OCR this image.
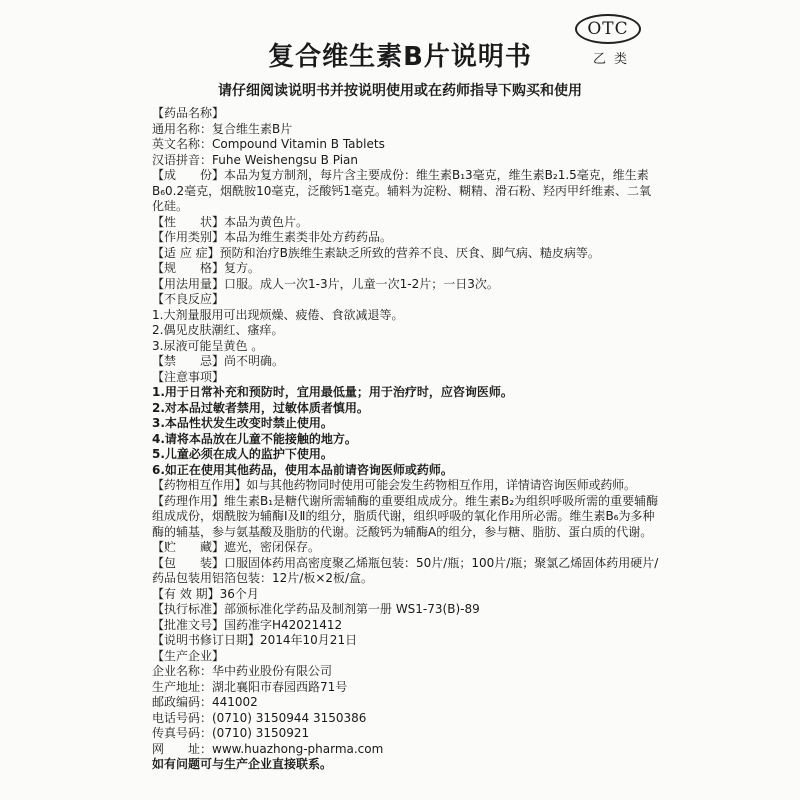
OTC
乙类
复合维生素B片说明书
请仔细阅读说明书并按说明使用或在药师指导下购买和使用

【药品名称】

通用名称：复合维生素B片

英文名称：Compound Vitamin B Tablets

汉语拼音：Fuhe Weishengsu B Pian

【成　　份】本品为复方制剂，每片含主要成份：维生素B₁3毫克，维生素B₂1.5毫克，维生素B₆0.2毫克，烟酰胺10毫克，泛酸钙1毫克。辅料为淀粉、糊精、滑石粉、羟丙甲纤维素、二氧化硅。

【性　　状】本品为黄色片。

【作用类别】本品为维生素类非处方药药品。

【适 应 症】预防和治疗B族维生素缺乏所致的营养不良、厌食、脚气病、糙皮病等。

【规　　格】复方。

【用法用量】口服。成人一次1-3片，儿童一次1-2片；一日3次。

【不良反应】

1.大剂量服用可出现烦燥、疲倦、食欲减退等。

2.偶见皮肤潮红、瘙痒。

3.尿液可能呈黄色 。

【禁　　忌】尚不明确。

【注意事项】

1.用于日常补充和预防时，宜用最低量；用于治疗时，应咨询医师。

2.对本品过敏者禁用，过敏体质者慎用。

3.本品性状发生改变时禁止使用。

4.请将本品放在儿童不能接触的地方。

5.儿童必须在成人的监护下使用。

6.如正在使用其他药品，使用本品前请咨询医师或药师。

【药物相互作用】如与其他药物同时使用可能会发生药物相互作用，详情请咨询医师或药师。

【药理作用】维生素B₁是糖代谢所需辅酶的重要组成成分。维生素B₂为组织呼吸所需的重要辅酶组成成份，烟酰胺为辅酶Ⅰ及Ⅱ的组分，脂质代谢，组织呼吸的氧化作用所必需。维生素B₆为多种酶的辅基，参与氨基酸及脂肪的代谢。泛酸钙为辅酶A的组分，参与糖、脂肪、蛋白质的代谢。

【贮　　藏】遮光，密闭保存。

【包　　装】口服固体药用高密度聚乙烯瓶包装：50片/瓶；100片/瓶；聚氯乙烯固体药用硬片/药品包装用铝箔包装：12片/板×2板/盒。

【有 效 期】36个月

【执行标准】部颁标准化学药品及制剂第一册 WS1-73(B)-89

【批准文号】国药准字H42021412

【说明书修订日期】2014年10月21日

【生产企业】

企业名称：华中药业股份有限公司

生产地址：湖北襄阳市春园西路71号

邮政编码：441002

电话号码：(0710) 3150944 3150386

传真号码：(0710) 3150921

网　　址：www.huazhong-pharma.com

如有问题可与生产企业直接联系。
